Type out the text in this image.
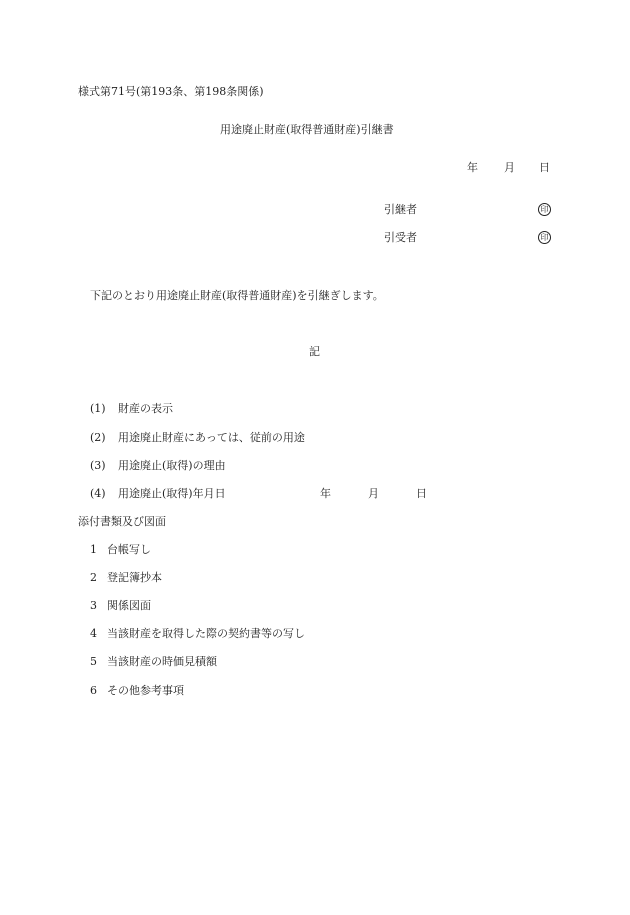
様式第71号(第193条、第198条関係)
用途廃止財産(取得普通財産)引継書
年 月 日
引継者	印
引受者	印
下記のとおり用途廃止財産(取得普通財産)を引継ぎします。
記
(1) 財産の表示
(2) 用途廃止財産にあっては、従前の用途
(3) 用途廃止(取得)の理由
(4) 用途廃止(取得)年月日	年	月	日
添付書類及び図面
1 台帳写し
2 登記簿抄本
3 関係図面
4 当該財産を取得した際の契約書等の写し
5 当該財産の時価見積額
6 その他参考事項
